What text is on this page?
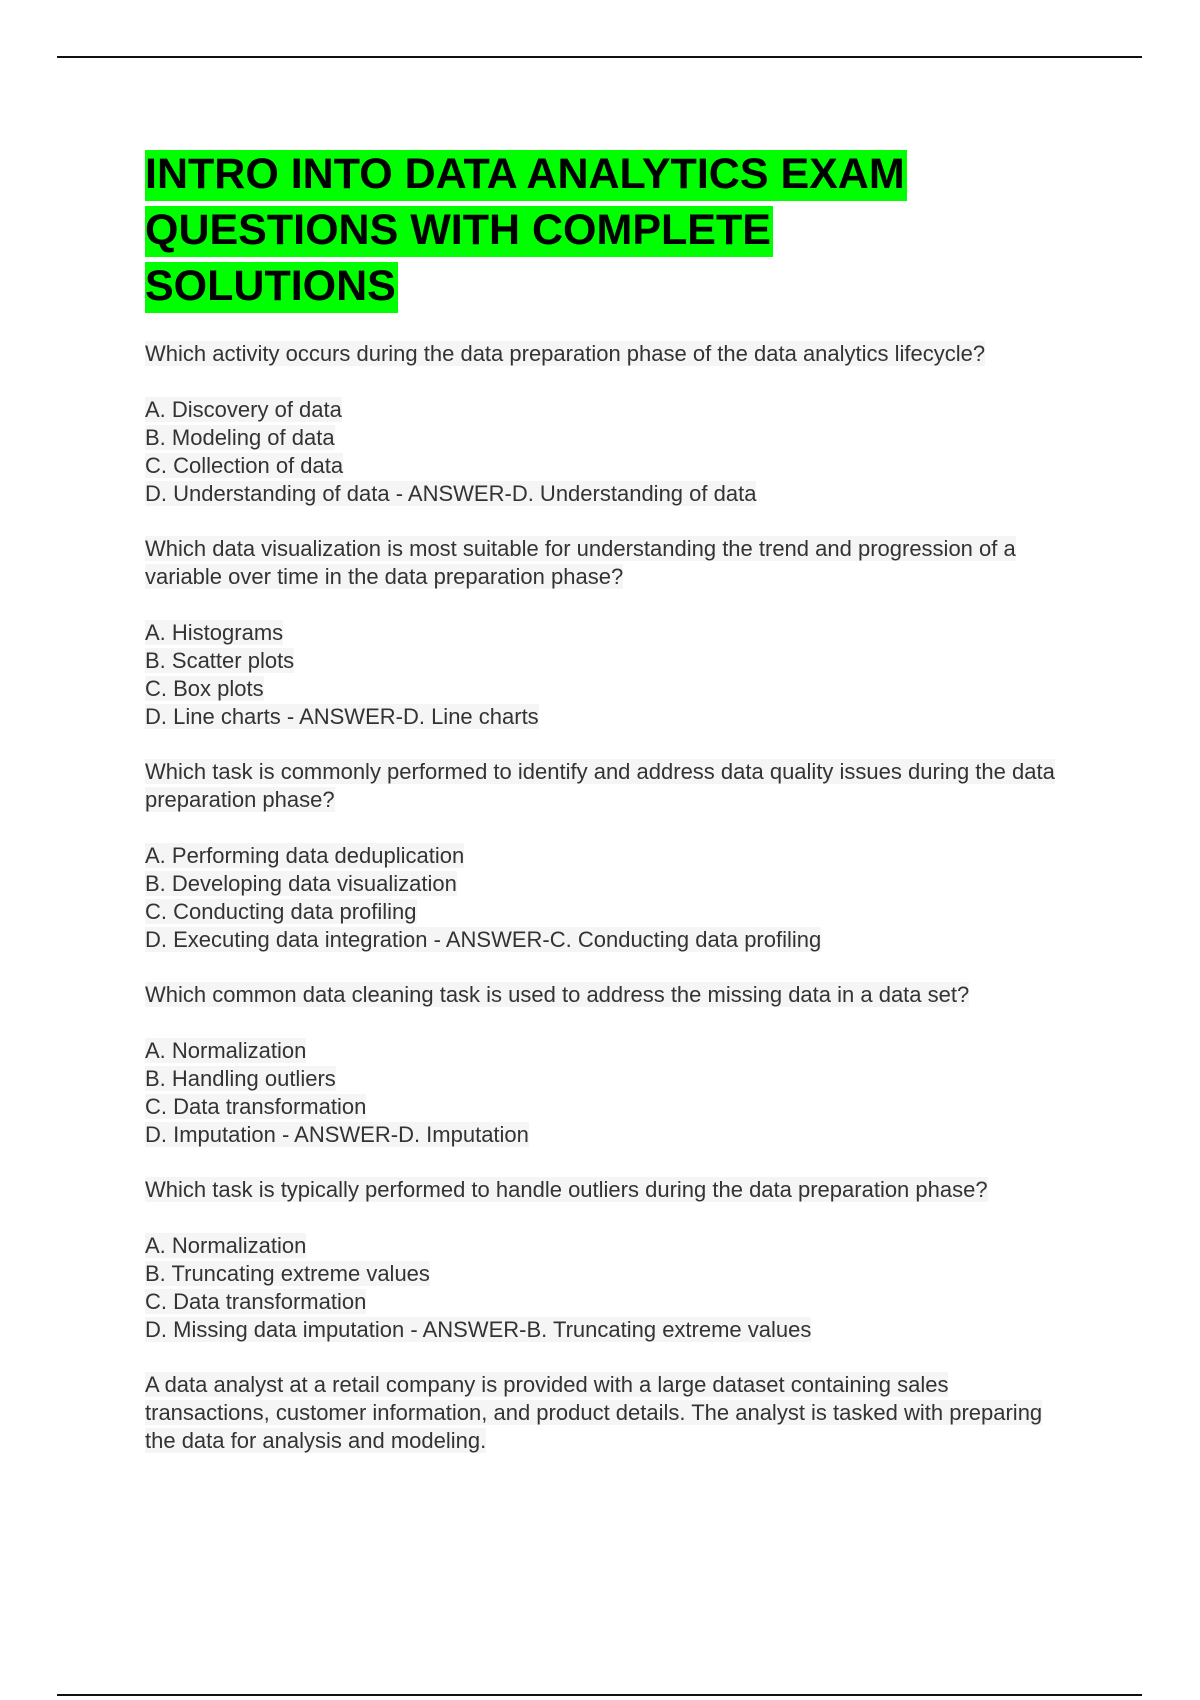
INTRO INTO DATA ANALYTICS EXAM
QUESTIONS WITH COMPLETE
SOLUTIONS

Which activity occurs during the data preparation phase of the data analytics lifecycle?

A. Discovery of data

B. Modeling of data

C. Collection of data

D. Understanding of data - ANSWER-D. Understanding of data

Which data visualization is most suitable for understanding the trend and progression of a variable over time in the data preparation phase?

A. Histograms

B. Scatter plots

C. Box plots

D. Line charts - ANSWER-D. Line charts

Which task is commonly performed to identify and address data quality issues during the data preparation phase?

A. Performing data deduplication

B. Developing data visualization

C. Conducting data profiling

D. Executing data integration - ANSWER-C. Conducting data profiling

Which common data cleaning task is used to address the missing data in a data set?

A. Normalization

B. Handling outliers

C. Data transformation

D. Imputation - ANSWER-D. Imputation

Which task is typically performed to handle outliers during the data preparation phase?

A. Normalization

B. Truncating extreme values

C. Data transformation

D. Missing data imputation - ANSWER-B. Truncating extreme values

A data analyst at a retail company is provided with a large dataset containing sales transactions, customer information, and product details. The analyst is tasked with preparing the data for analysis and modeling.
